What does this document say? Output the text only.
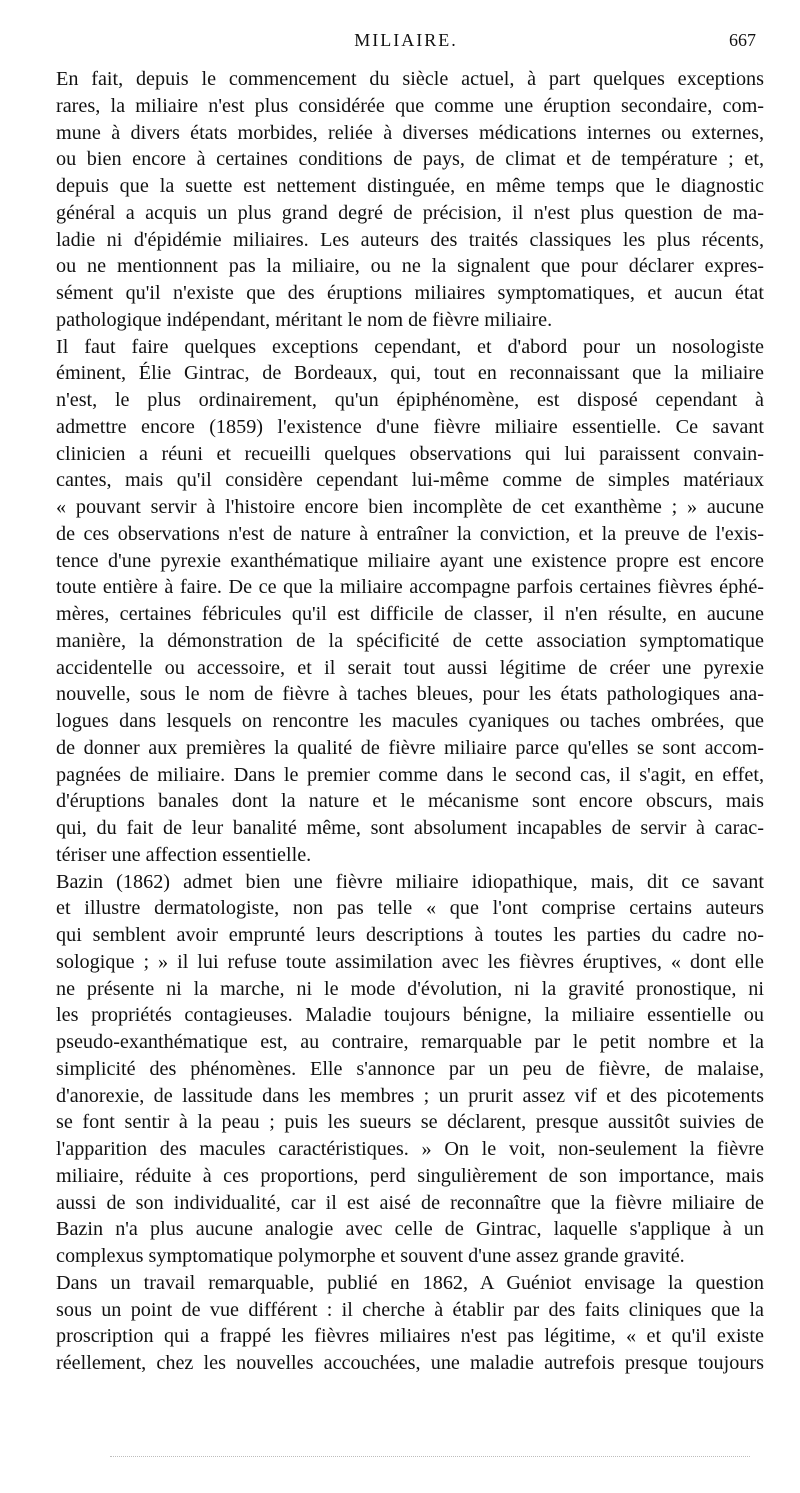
MILIAIRE.	667
En fait, depuis le commencement du siècle actuel, à part quelques exceptions
rares, la miliaire n'est plus considérée que comme une éruption secondaire, com-
mune à divers états morbides, reliée à diverses médications internes ou externes,
ou bien encore à certaines conditions de pays, de climat et de température ; et,
depuis que la suette est nettement distinguée, en même temps que le diagnostic
général a acquis un plus grand degré de précision, il n'est plus question de ma-
ladie ni d'épidémie miliaires. Les auteurs des traités classiques les plus récents,
ou ne mentionnent pas la miliaire, ou ne la signalent que pour déclarer expres-
sément qu'il n'existe que des éruptions miliaires symptomatiques, et aucun état
pathologique indépendant, méritant le nom de fièvre miliaire.
Il faut faire quelques exceptions cependant, et d'abord pour un nosologiste
éminent, Élie Gintrac, de Bordeaux, qui, tout en reconnaissant que la miliaire
n'est, le plus ordinairement, qu'un épiphénomène, est disposé cependant à
admettre encore (1859) l'existence d'une fièvre miliaire essentielle. Ce savant
clinicien a réuni et recueilli quelques observations qui lui paraissent convain-
cantes, mais qu'il considère cependant lui-même comme de simples matériaux
« pouvant servir à l'histoire encore bien incomplète de cet exanthème ; » aucune
de ces observations n'est de nature à entraîner la conviction, et la preuve de l'exis-
tence d'une pyrexie exanthématique miliaire ayant une existence propre est encore
toute entière à faire. De ce que la miliaire accompagne parfois certaines fièvres éphé-
mères, certaines fébricules qu'il est difficile de classer, il n'en résulte, en aucune
manière, la démonstration de la spécificité de cette association symptomatique
accidentelle ou accessoire, et il serait tout aussi légitime de créer une pyrexie
nouvelle, sous le nom de fièvre à taches bleues, pour les états pathologiques ana-
logues dans lesquels on rencontre les macules cyaniques ou taches ombrées, que
de donner aux premières la qualité de fièvre miliaire parce qu'elles se sont accom-
pagnées de miliaire. Dans le premier comme dans le second cas, il s'agit, en effet,
d'éruptions banales dont la nature et le mécanisme sont encore obscurs, mais
qui, du fait de leur banalité même, sont absolument incapables de servir à carac-
tériser une affection essentielle.
Bazin (1862) admet bien une fièvre miliaire idiopathique, mais, dit ce savant
et illustre dermatologiste, non pas telle « que l'ont comprise certains auteurs
qui semblent avoir emprunté leurs descriptions à toutes les parties du cadre no-
sologique ; » il lui refuse toute assimilation avec les fièvres éruptives, « dont elle
ne présente ni la marche, ni le mode d'évolution, ni la gravité pronostique, ni
les propriétés contagieuses. Maladie toujours bénigne, la miliaire essentielle ou
pseudo-exanthématique est, au contraire, remarquable par le petit nombre et la
simplicité des phénomènes. Elle s'annonce par un peu de fièvre, de malaise,
d'anorexie, de lassitude dans les membres ; un prurit assez vif et des picotements
se font sentir à la peau ; puis les sueurs se déclarent, presque aussitôt suivies de
l'apparition des macules caractéristiques. » On le voit, non-seulement la fièvre
miliaire, réduite à ces proportions, perd singulièrement de son importance, mais
aussi de son individualité, car il est aisé de reconnaître que la fièvre miliaire de
Bazin n'a plus aucune analogie avec celle de Gintrac, laquelle s'applique à un
complexus symptomatique polymorphe et souvent d'une assez grande gravité.
Dans un travail remarquable, publié en 1862, A Guéniot envisage la question
sous un point de vue différent : il cherche à établir par des faits cliniques que la
proscription qui a frappé les fièvres miliaires n'est pas légitime, « et qu'il existe
réellement, chez les nouvelles accouchées, une maladie autrefois presque toujours
